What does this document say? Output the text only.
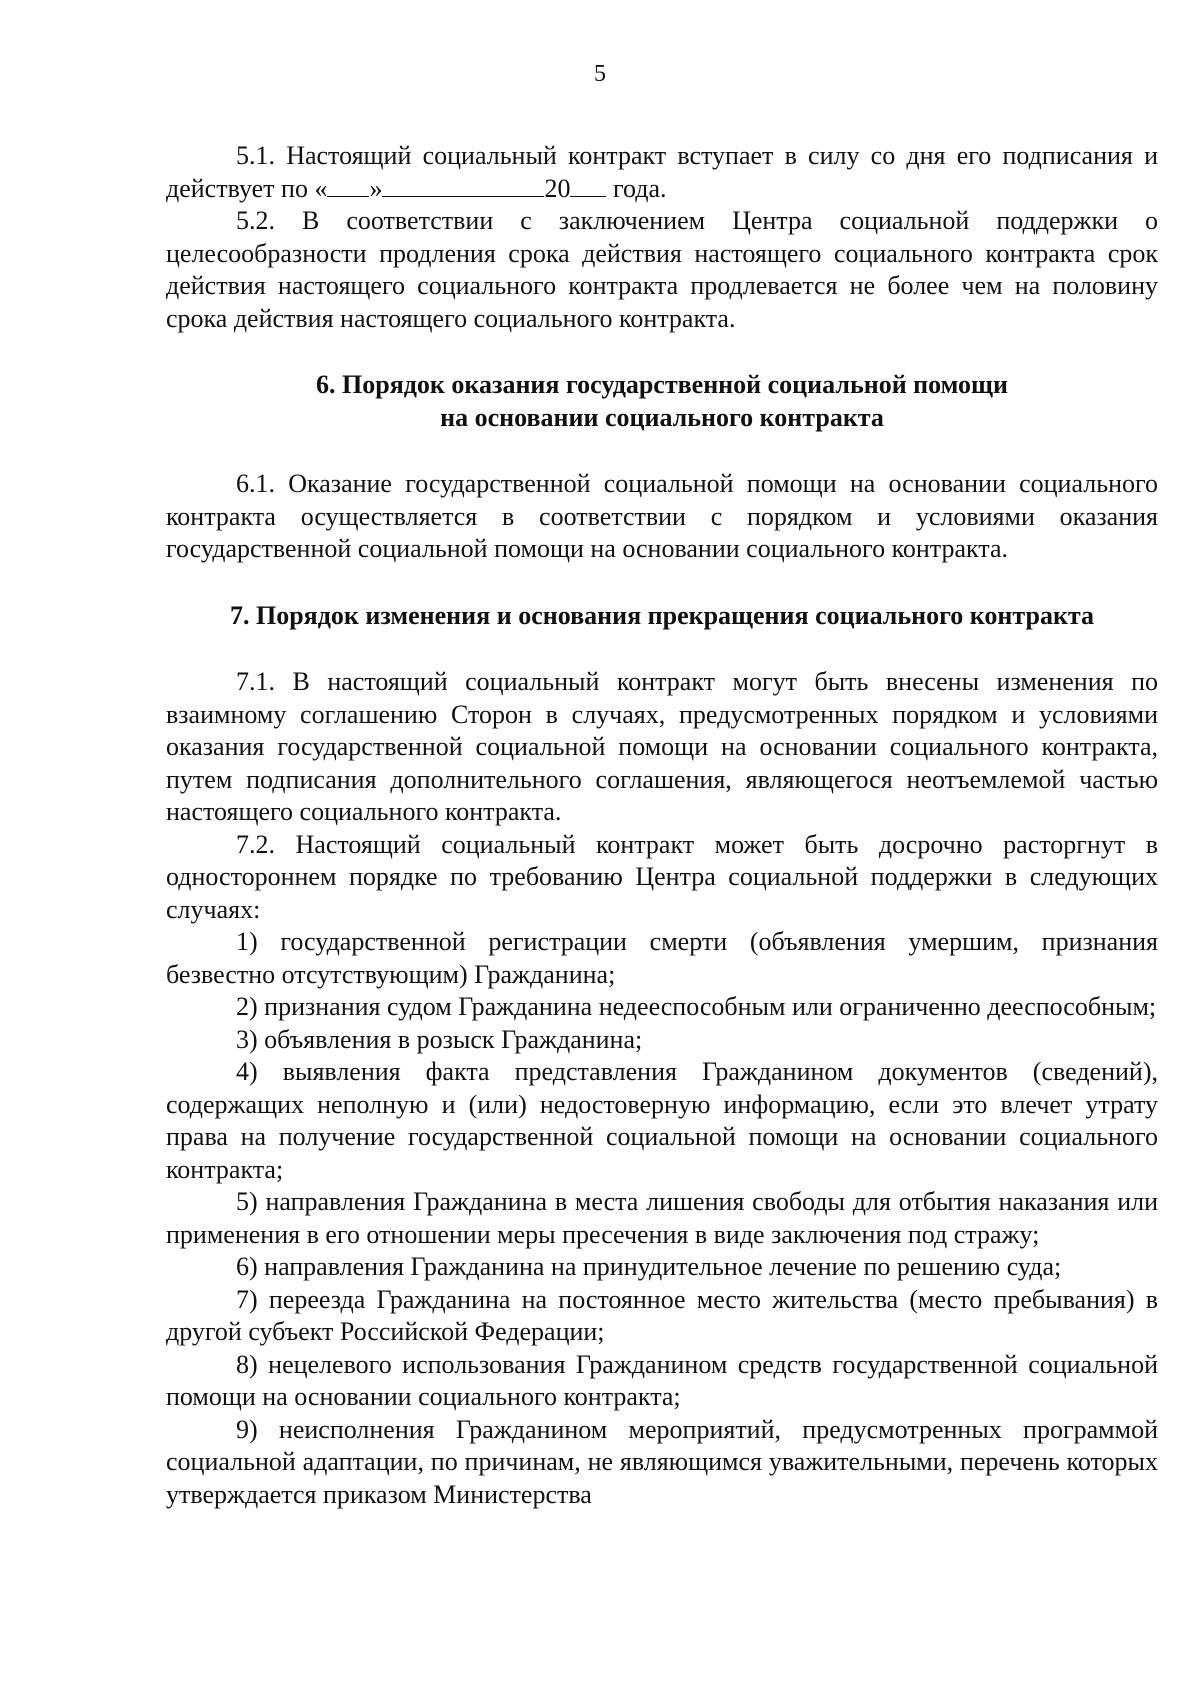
5

5.1. Настоящий социальный контракт вступает в силу со дня его подписания и действует по « »	20 года.

5.2. В соответствии с заключением Центра социальной поддержки о целесообразности продления срока действия настоящего социального контракта срок действия настоящего социального контракта продлевается не более чем на половину срока действия настоящего социального контракта.

6. Порядок оказания государственной социальной помощи
на основании социального контракта

6.1. Оказание государственной социальной помощи на основании социального контракта осуществляется в соответствии с порядком и условиями оказания государственной социальной помощи на основании социального контракта.

7. Порядок изменения и основания прекращения социального контракта

7.1. В настоящий социальный контракт могут быть внесены изменения по взаимному соглашению Сторон в случаях, предусмотренных порядком и условиями оказания государственной социальной помощи на основании социального контракта, путем подписания дополнительного соглашения, являющегося неотъемлемой частью настоящего социального контракта.

7.2. Настоящий социальный контракт может быть досрочно расторгнут в одностороннем порядке по требованию Центра социальной поддержки в следующих случаях:

1) государственной регистрации смерти (объявления умершим, признания безвестно отсутствующим) Гражданина;

2) признания судом Гражданина недееспособным или ограниченно дееспособным;

3) объявления в розыск Гражданина;

4) выявления факта представления Гражданином документов (сведений), содержащих неполную и (или) недостоверную информацию, если это влечет утрату права на получение государственной социальной помощи на основании социального контракта;

5) направления Гражданина в места лишения свободы для отбытия наказания или применения в его отношении меры пресечения в виде заключения под стражу;

6) направления Гражданина на принудительное лечение по решению суда;

7) переезда Гражданина на постоянное место жительства (место пребывания) в другой субъект Российской Федерации;

8) нецелевого использования Гражданином средств государственной социальной помощи на основании социального контракта;

9) неисполнения Гражданином мероприятий, предусмотренных программой социальной адаптации, по причинам, не являющимся уважительными, перечень которых утверждается приказом Министерства
